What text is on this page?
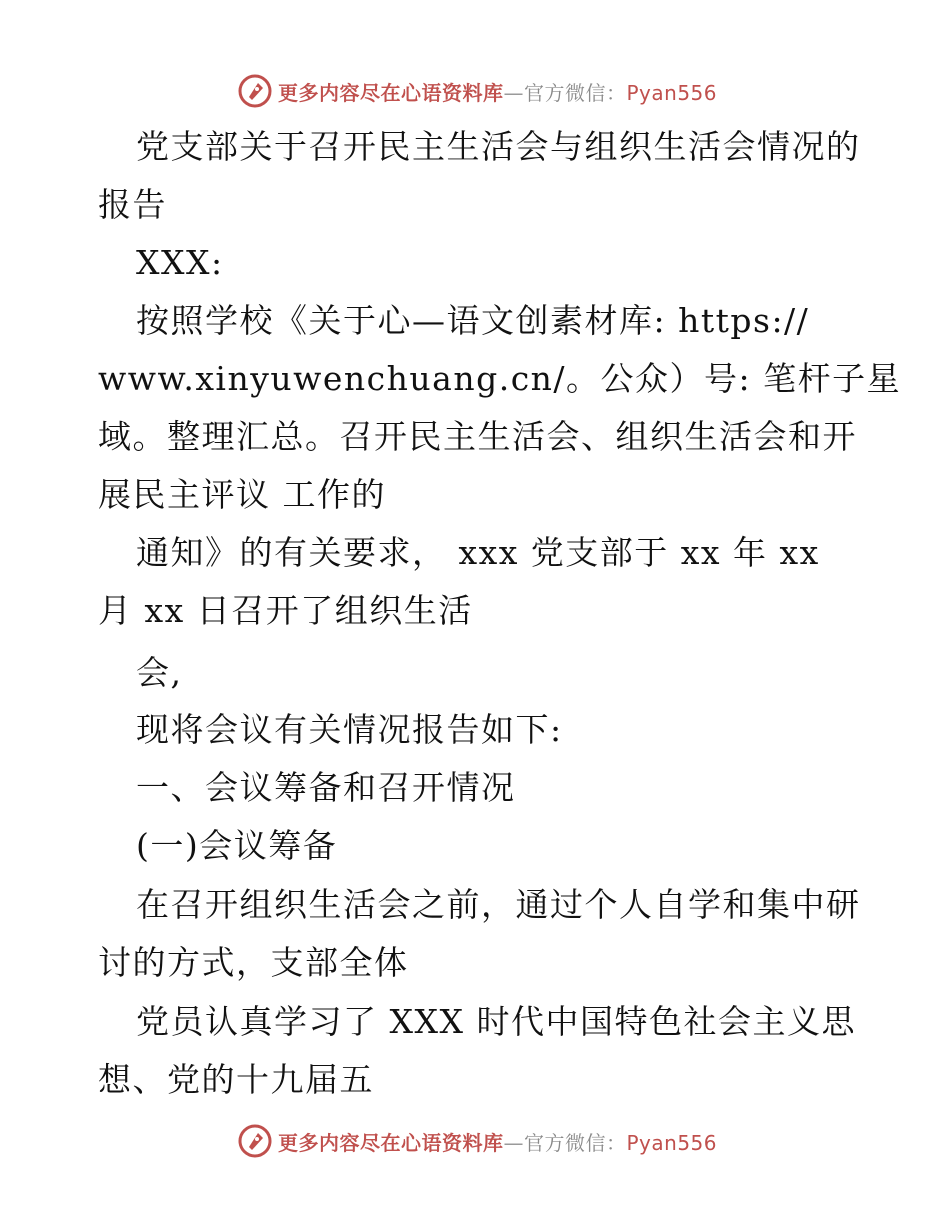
更多内容尽在心语资料库—官方微信：Pyan556
党支部关于召开民主生活会与组织生活会情况的
报告
XXX:
按照学校《关于心—语文创素材库: https://
www.xinyuwenchuang.cn/。公众）号: 笔杆子星
域。整理汇总。召开民主生活会、组织生活会和开
展民主评议 工作的
通知》的有关要求， xxx 党支部于 xx 年 xx
月 xx 日召开了组织生活
会,
现将会议有关情况报告如下:
一、会议筹备和召开情况
(一)会议筹备
在召开组织生活会之前，通过个人自学和集中研
讨的方式，支部全体
党员认真学习了 XXX 时代中国特色社会主义思
想、党的十九届五
更多内容尽在心语资料库—官方微信：Pyan556
